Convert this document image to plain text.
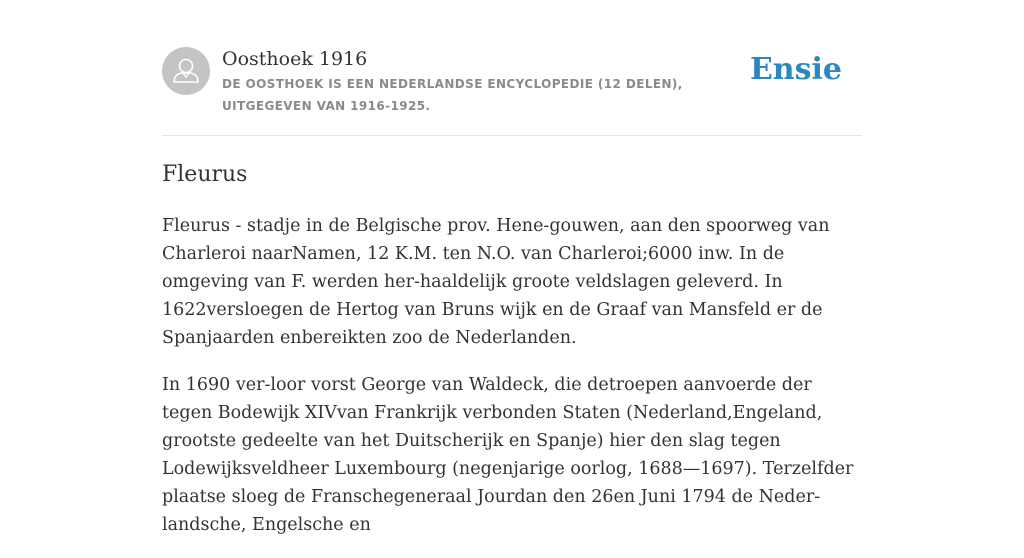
Oosthoek 1916
DE OOSTHOEK IS EEN NEDERLANDSE ENCYCLOPEDIE (12 DELEN), UITGEGEVEN VAN 1916-1925.
Ensie
Fleurus

Fleurus - stadje in de Belgische prov. Hene-gouwen, aan den spoorweg van Charleroi naarNamen, 12 K.M. ten N.O. van Charleroi;6000 inw. In de omgeving van F. werden her-haaldelijk groote veldslagen geleverd. In 1622versloegen de Hertog van Bruns wijk en de Graaf van Mansfeld er de Spanjaarden enbereikten zoo de Nederlanden.

In 1690 ver-loor vorst George van Waldeck, die detroepen aanvoerde der tegen Bodewijk XIVvan Frankrijk verbonden Staten (Nederland,Engeland, grootste gedeelte van het Duitscherijk en Spanje) hier den slag tegen Lodewijksveldheer Luxembourg (negenjarige oorlog, 1688—1697). Terzelfder plaatse sloeg de Franschegeneraal Jourdan den 26en Juni 1794 de Neder-landsche, Engelsche en
